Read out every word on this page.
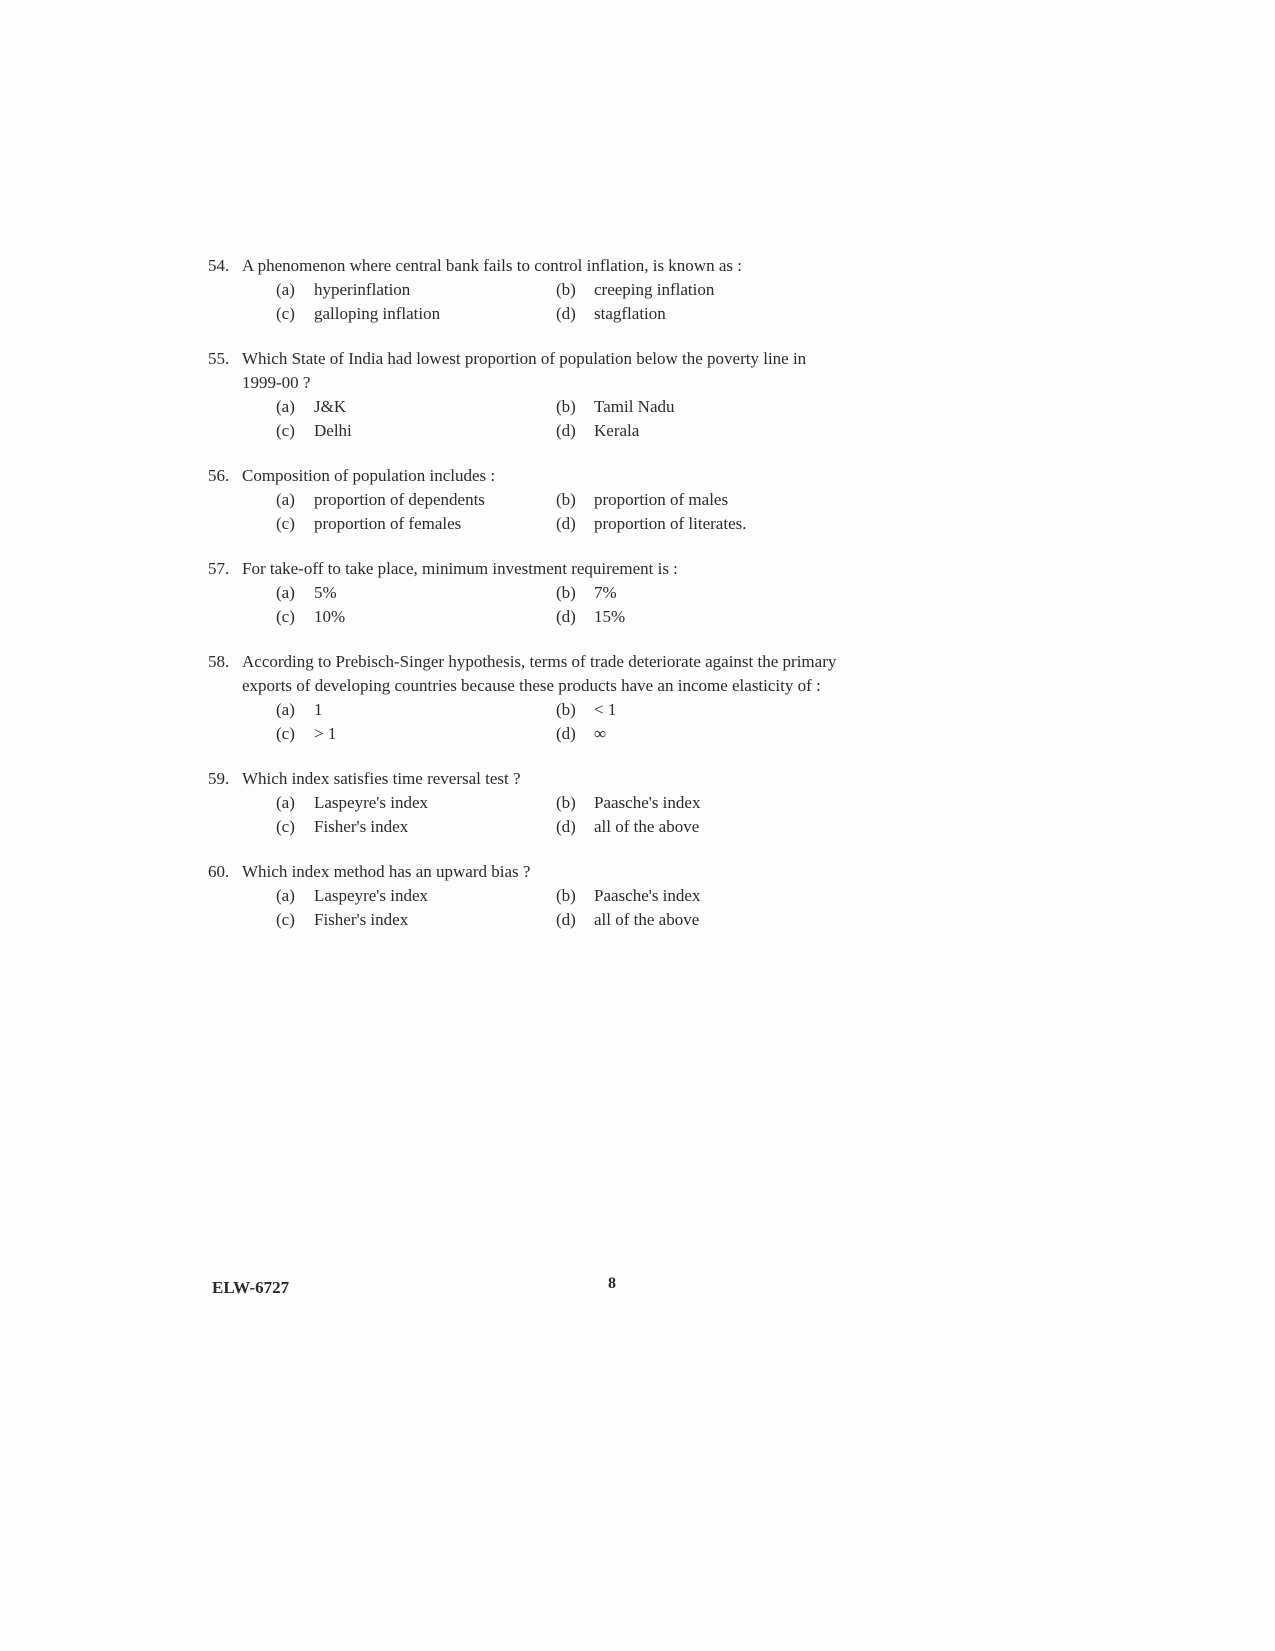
54. A phenomenon where central bank fails to control inflation, is known as :
(a)	hyperinflation	(b)	creeping inflation
(c)	galloping inflation	(d)	stagflation
55. Which State of India had lowest proportion of population below the poverty line in 1999-00 ?
(a)	J&K	(b)	Tamil Nadu
(c)	Delhi	(d)	Kerala
56. Composition of population includes :
(a)	proportion of dependents	(b)	proportion of males
(c)	proportion of females	(d)	proportion of literates.
57. For take-off to take place, minimum investment requirement is :
(a)	5%	(b)	7%
(c)	10%	(d)	15%
58. According to Prebisch-Singer hypothesis, terms of trade deteriorate against the primary exports of developing countries because these products have an income elasticity of :
(a)	1	(b)	< 1
(c)	> 1	(d)	∞
59. Which index satisfies time reversal test ?
(a)	Laspeyre's index	(b)	Paasche's index
(c)	Fisher's index	(d)	all of the above
60. Which index method has an upward bias ?
(a)	Laspeyre's index	(b)	Paasche's index
(c)	Fisher's index	(d)	all of the above
ELW-6727	8
